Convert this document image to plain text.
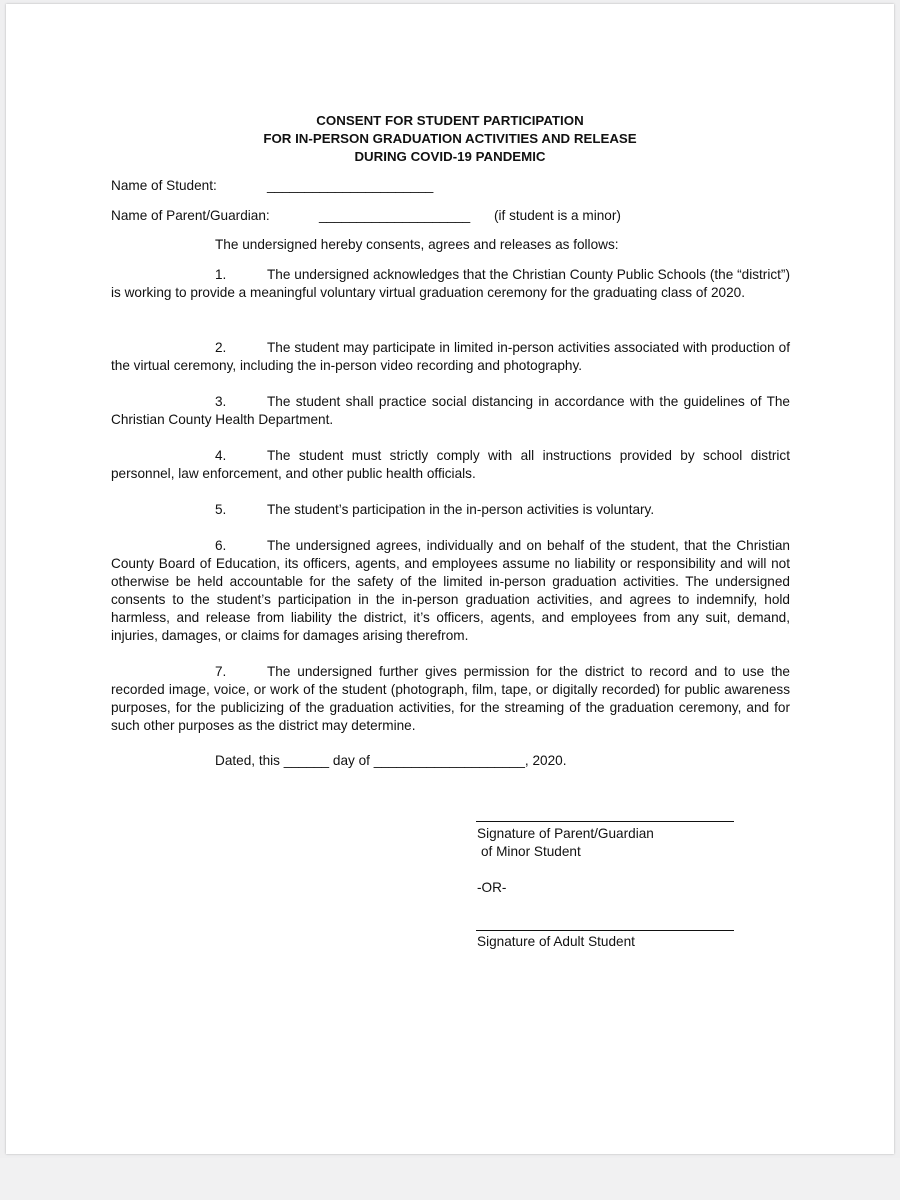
CONSENT FOR STUDENT PARTICIPATION
FOR IN-PERSON GRADUATION ACTIVITIES AND RELEASE
DURING COVID-19 PANDEMIC
Name of Student:	______________________
Name of Parent/Guardian:	____________________ (if student is a minor)
The undersigned hereby consents, agrees and releases as follows:
1.	The undersigned acknowledges that the Christian County Public Schools (the “district”) is working to provide a meaningful voluntary virtual graduation ceremony for the graduating class of 2020.
2.	The student may participate in limited in-person activities associated with production of the virtual ceremony, including the in-person video recording and photography.
3.	The student shall practice social distancing in accordance with the guidelines of The Christian County Health Department.
4.	The student must strictly comply with all instructions provided by school district personnel, law enforcement, and other public health officials.
5.	The student’s participation in the in-person activities is voluntary.
6.	The undersigned agrees, individually and on behalf of the student, that the Christian County Board of Education, its officers, agents, and employees assume no liability or responsibility and will not otherwise be held accountable for the safety of the limited in-person graduation activities. The undersigned consents to the student’s participation in the in-person graduation activities, and agrees to indemnify, hold harmless, and release from liability the district, it’s officers, agents, and employees from any suit, demand, injuries, damages, or claims for damages arising therefrom.
7.	The undersigned further gives permission for the district to record and to use the recorded image, voice, or work of the student (photograph, film, tape, or digitally recorded) for public awareness purposes, for the publicizing of the graduation activities, for the streaming of the graduation ceremony, and for such other purposes as the district may determine.
Dated, this ______ day of ____________________, 2020.
Signature of Parent/Guardian
of Minor Student
-OR-
Signature of Adult Student
